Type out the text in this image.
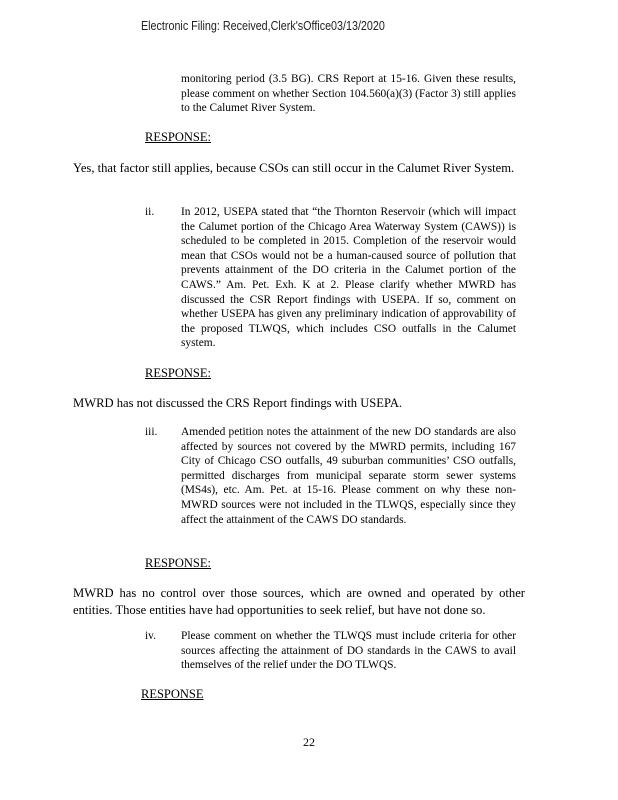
Electronic Filing: Received,Clerk'sOffice03/13/2020
monitoring period (3.5 BG). CRS Report at 15-16. Given these results, please comment on whether Section 104.560(a)(3) (Factor 3) still applies to the Calumet River System.
RESPONSE:
Yes, that factor still applies, because CSOs can still occur in the Calumet River System.
ii. In 2012, USEPA stated that “the Thornton Reservoir (which will impact the Calumet portion of the Chicago Area Waterway System (CAWS)) is scheduled to be completed in 2015. Completion of the reservoir would mean that CSOs would not be a human-caused source of pollution that prevents attainment of the DO criteria in the Calumet portion of the CAWS.” Am. Pet. Exh. K at 2. Please clarify whether MWRD has discussed the CSR Report findings with USEPA. If so, comment on whether USEPA has given any preliminary indication of approvability of the proposed TLWQS, which includes CSO outfalls in the Calumet system.
RESPONSE:
MWRD has not discussed the CRS Report findings with USEPA.
iii. Amended petition notes the attainment of the new DO standards are also affected by sources not covered by the MWRD permits, including 167 City of Chicago CSO outfalls, 49 suburban communities’ CSO outfalls, permitted discharges from municipal separate storm sewer systems (MS4s), etc. Am. Pet. at 15-16. Please comment on why these non-MWRD sources were not included in the TLWQS, especially since they affect the attainment of the CAWS DO standards.
RESPONSE:
MWRD has no control over those sources, which are owned and operated by other entities. Those entities have had opportunities to seek relief, but have not done so.
iv. Please comment on whether the TLWQS must include criteria for other sources affecting the attainment of DO standards in the CAWS to avail themselves of the relief under the DO TLWQS.
RESPONSE
22
